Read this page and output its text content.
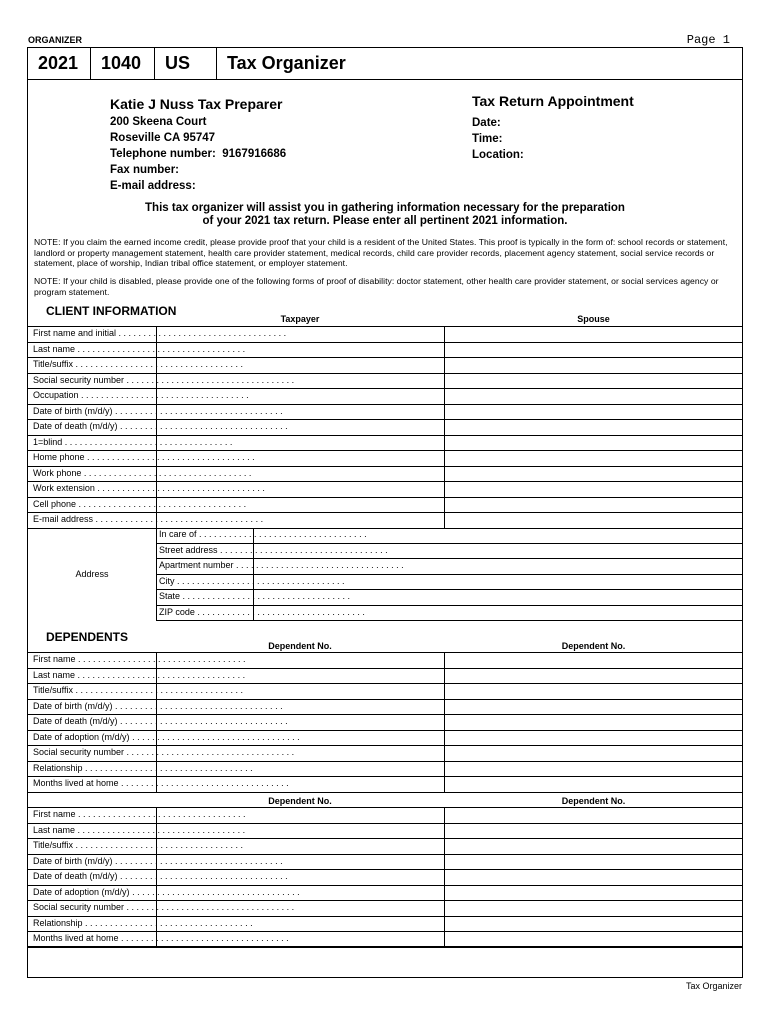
ORGANIZER	Page 1
2021	1040	US	Tax Organizer
Katie J Nuss Tax Preparer
200 Skeena Court
Roseville CA 95747
Telephone number: 9167916686
Fax number:
E-mail address:
Tax Return Appointment
Date:
Time:
Location:
This tax organizer will assist you in gathering information necessary for the preparation
of your 2021 tax return. Please enter all pertinent 2021 information.
NOTE: If you claim the earned income credit, please provide proof that your child is a resident of the United States. This proof is typically in the form of: school records or statement, landlord or property management statement, health care provider statement, medical records, child care provider records, placement agency statement, social service records or statement, place of worship, Indian tribal office statement, or employer statement.
NOTE: If your child is disabled, please provide one of the following forms of proof of disability: doctor statement, other health care provider statement, or social services agency or program statement.
CLIENT INFORMATION
Taxpayer	Spouse
First name and initial . . . . . . . . . . . . . . . . . . . . . . . . . . . . . . . . . .
Last name . . . . . . . . . . . . . . . . . . . . . . . . . . . . . . . . . .
Title/suffix . . . . . . . . . . . . . . . . . . . . . . . . . . . . . . . . . .
Social security number . . . . . . . . . . . . . . . . . . . . . . . . . . . . . . . . . .
Occupation . . . . . . . . . . . . . . . . . . . . . . . . . . . . . . . . . .
Date of birth (m/d/y) . . . . . . . . . . . . . . . . . . . . . . . . . . . . . . . . . .
Date of death (m/d/y) . . . . . . . . . . . . . . . . . . . . . . . . . . . . . . . . . .
1=blind . . . . . . . . . . . . . . . . . . . . . . . . . . . . . . . . . .
Home phone . . . . . . . . . . . . . . . . . . . . . . . . . . . . . . . . . .
Work phone . . . . . . . . . . . . . . . . . . . . . . . . . . . . . . . . . .
Work extension . . . . . . . . . . . . . . . . . . . . . . . . . . . . . . . . . .
Cell phone . . . . . . . . . . . . . . . . . . . . . . . . . . . . . . . . . .
E-mail address . . . . . . . . . . . . . . . . . . . . . . . . . . . . . . . . . .
Address
In care of . . . . . . . . . . . . . . . . . . . . . . . . . . . . . . . . . .
Street address . . . . . . . . . . . . . . . . . . . . . . . . . . . . . . . . . .
Apartment number . . . . . . . . . . . . . . . . . . . . . . . . . . . . . . . . . .
City . . . . . . . . . . . . . . . . . . . . . . . . . . . . . . . . . .
State . . . . . . . . . . . . . . . . . . . . . . . . . . . . . . . . . .
ZIP code . . . . . . . . . . . . . . . . . . . . . . . . . . . . . . . . . .
DEPENDENTS
Dependent No.	Dependent No.
First name . . . . . . . . . . . . . . . . . . . . . . . . . . . . . . . . . .
Last name . . . . . . . . . . . . . . . . . . . . . . . . . . . . . . . . . .
Title/suffix . . . . . . . . . . . . . . . . . . . . . . . . . . . . . . . . . .
Date of birth (m/d/y) . . . . . . . . . . . . . . . . . . . . . . . . . . . . . . . . . .
Date of death (m/d/y) . . . . . . . . . . . . . . . . . . . . . . . . . . . . . . . . . .
Date of adoption (m/d/y) . . . . . . . . . . . . . . . . . . . . . . . . . . . . . . . . . .
Social security number . . . . . . . . . . . . . . . . . . . . . . . . . . . . . . . . . .
Relationship . . . . . . . . . . . . . . . . . . . . . . . . . . . . . . . . . .
Months lived at home . . . . . . . . . . . . . . . . . . . . . . . . . . . . . . . . . .
Dependent No.	Dependent No.
First name . . . . . . . . . . . . . . . . . . . . . . . . . . . . . . . . . .
Last name . . . . . . . . . . . . . . . . . . . . . . . . . . . . . . . . . .
Title/suffix . . . . . . . . . . . . . . . . . . . . . . . . . . . . . . . . . .
Date of birth (m/d/y) . . . . . . . . . . . . . . . . . . . . . . . . . . . . . . . . . .
Date of death (m/d/y) . . . . . . . . . . . . . . . . . . . . . . . . . . . . . . . . . .
Date of adoption (m/d/y) . . . . . . . . . . . . . . . . . . . . . . . . . . . . . . . . . .
Social security number . . . . . . . . . . . . . . . . . . . . . . . . . . . . . . . . . .
Relationship . . . . . . . . . . . . . . . . . . . . . . . . . . . . . . . . . .
Months lived at home . . . . . . . . . . . . . . . . . . . . . . . . . . . . . . . . . .
Tax Organizer
